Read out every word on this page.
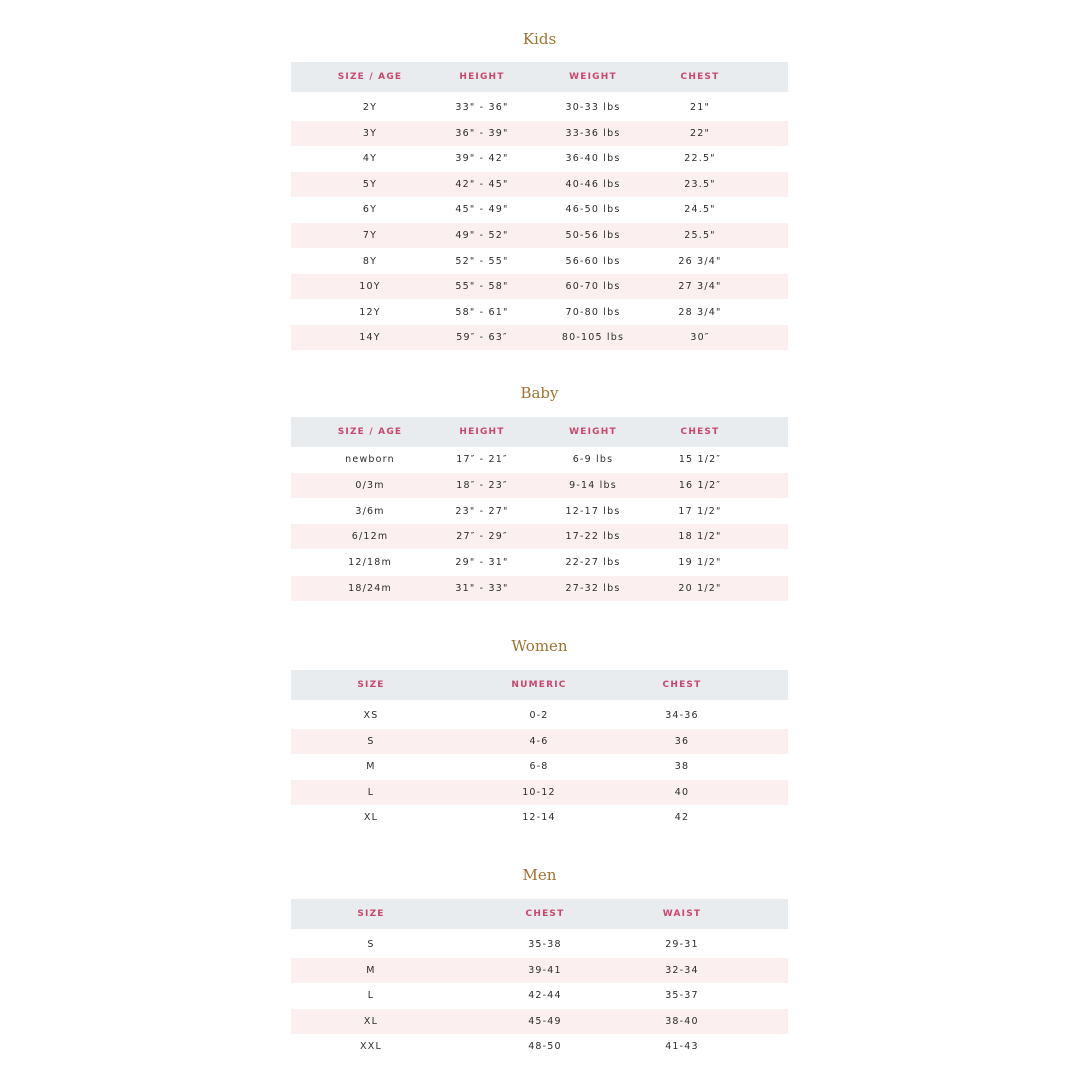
Kids
SIZE / AGE	HEIGHT	WEIGHT	CHEST
2Y	33" - 36"	30-33 lbs	21"
3Y	36" - 39"	33-36 lbs	22"
4Y	39" - 42"	36-40 lbs	22.5"
5Y	42" - 45"	40-46 lbs	23.5"
6Y	45" - 49"	46-50 lbs	24.5"
7Y	49" - 52"	50-56 lbs	25.5"
8Y	52" - 55"	56-60 lbs	26 3/4"
10Y	55" - 58"	60-70 lbs	27 3/4"
12Y	58" - 61"	70-80 lbs	28 3/4"
14Y	59″ - 63″	80-105 lbs	30″
Baby
SIZE / AGE	HEIGHT	WEIGHT	CHEST
newborn	17″ - 21″	6-9 lbs	15 1/2″
0/3m	18″ - 23″	9-14 lbs	16 1/2″
3/6m	23" - 27"	12-17 lbs	17 1/2"
6/12m	27″ - 29″	17-22 lbs	18 1/2"
12/18m	29" - 31"	22-27 lbs	19 1/2"
18/24m	31" - 33"	27-32 lbs	20 1/2"
Women
SIZE	NUMERIC	CHEST
XS	0-2	34-36
S	4-6	36
M	6-8	38
L	10-12	40
XL	12-14	42
Men
SIZE	CHEST	WAIST
S	35-38	29-31
M	39-41	32-34
L	42-44	35-37
XL	45-49	38-40
XXL	48-50	41-43
